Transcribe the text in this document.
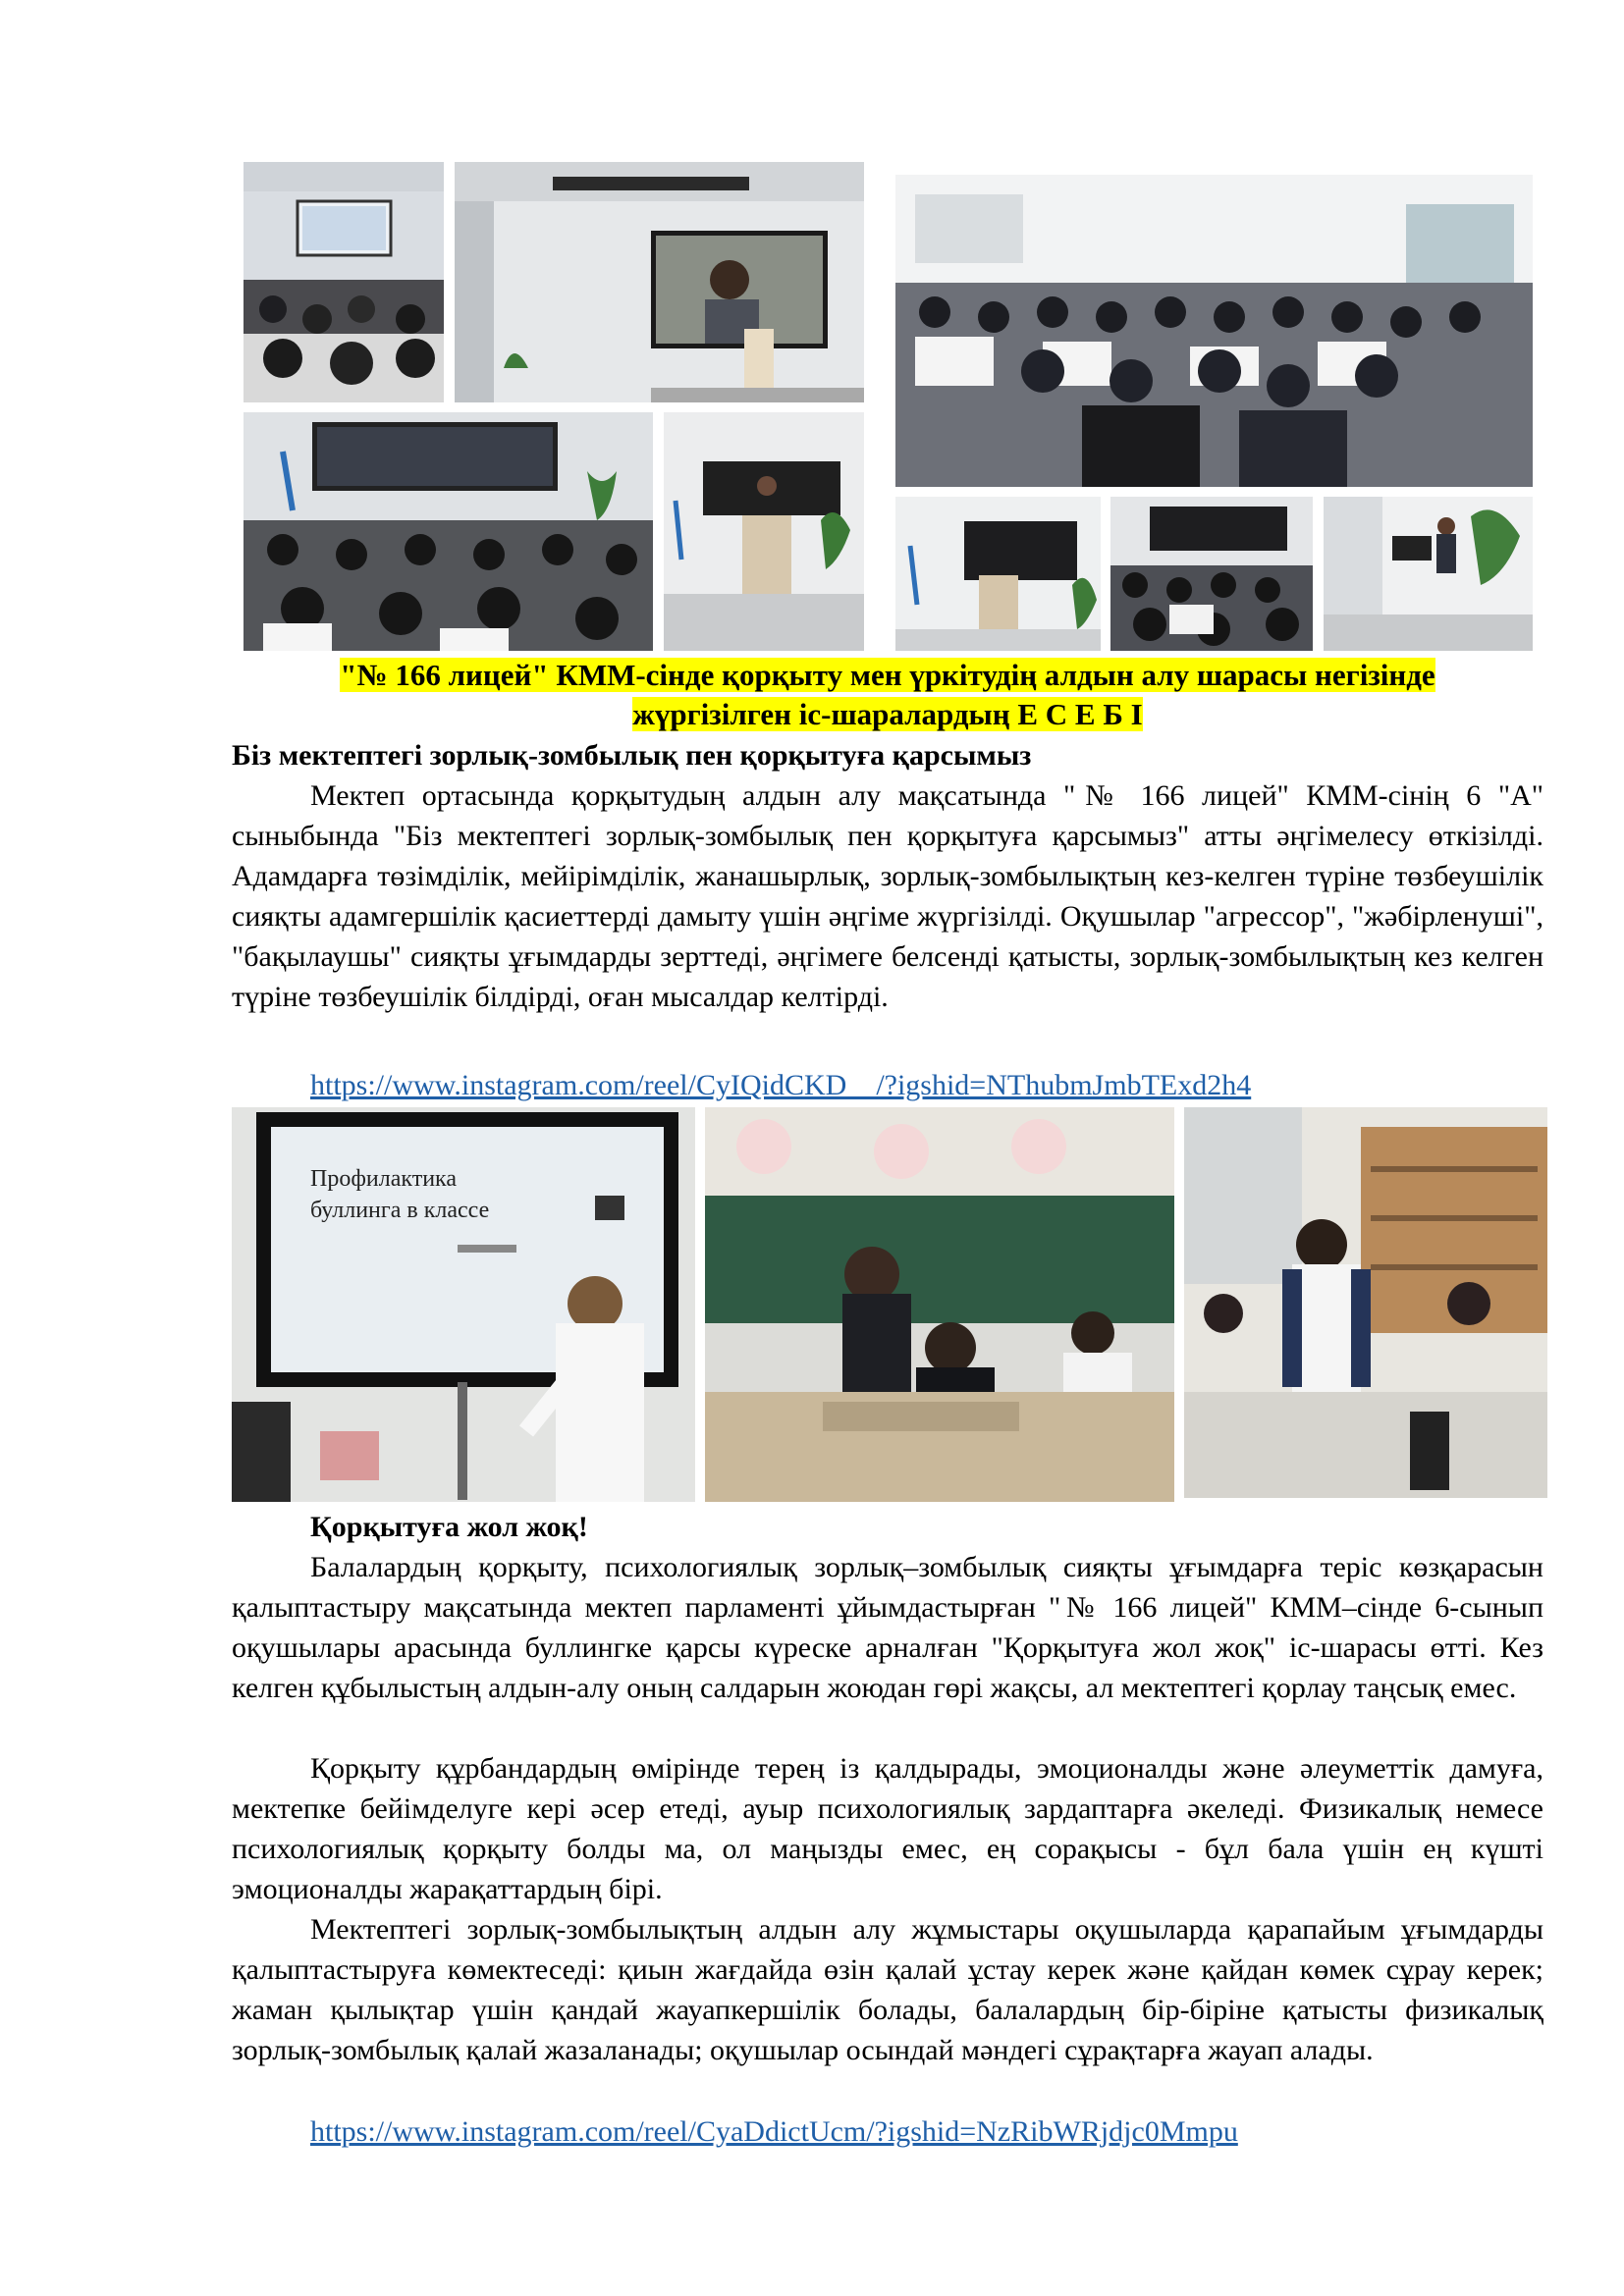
"№ 166 лицей" КММ-сінде қорқыту мен үркітудің алдын алу шарасы негізінде
жүргізілген іс-шаралардың Е С Е Б І
Біз мектептегі зорлық-зомбылық пен қорқытуға қарсымыз

Мектеп ортасында қорқытудың алдын алу мақсатында "№ 166 лицей" КММ-сінің 6 "А" сыныбында "Біз мектептегі зорлық-зомбылық пен қорқытуға қарсымыз" атты әңгімелесу өткізілді. Адамдарға төзімділік, мейірімділік, жанашырлық, зорлық-зомбылықтың кез-келген түріне төзбеушілік сияқты адамгершілік қасиеттерді дамыту үшін әңгіме жүргізілді. Оқушылар "агрессор", "жәбірленуші", "бақылаушы" сияқты ұғымдарды зерттеді, әңгімеге белсенді қатысты, зорлық-зомбылықтың кез келген түріне төзбеушілік білдірді, оған мысалдар келтірді.

https://www.instagram.com/reel/CyIQidCKD__/?igshid=NThubmJmbTExd2h4
Профилактика
буллинга в классе
Қорқытуға жол жоқ!

Балалардың қорқыту, психологиялық зорлық–зомбылық сияқты ұғымдарға теріс көзқарасын қалыптастыру мақсатында мектеп парламенті ұйымдастырған "№ 166 лицей" КММ–сінде 6-сынып оқушылары арасында буллингке қарсы күреске арналған "Қорқытуға жол жоқ" іс-шарасы өтті. Кез келген құбылыстың алдын-алу оның салдарын жоюдан гөрі жақсы, ал мектептегі қорлау таңсық емес.

Қорқыту құрбандардың өмірінде терең із қалдырады, эмоционалды және әлеуметтік дамуға, мектепке бейімделуге кері әсер етеді, ауыр психологиялық зардаптарға әкеледі. Физикалық немесе психологиялық қорқыту болды ма, ол маңызды емес, ең сорақысы - бұл бала үшін ең күшті эмоционалды жарақаттардың бірі.

Мектептегі зорлық-зомбылықтың алдын алу жұмыстары оқушыларда қарапайым ұғымдарды қалыптастыруға көмектеседі: қиын жағдайда өзін қалай ұстау керек және қайдан көмек сұрау керек; жаман қылықтар үшін қандай жауапкершілік болады, балалардың бір-біріне қатысты физикалық зорлық-зомбылық қалай жазаланады; оқушылар осындай мәндегі сұрақтарға жауап алады.

https://www.instagram.com/reel/CyaDdictUcm/?igshid=NzRibWRjdjc0Mmpu
